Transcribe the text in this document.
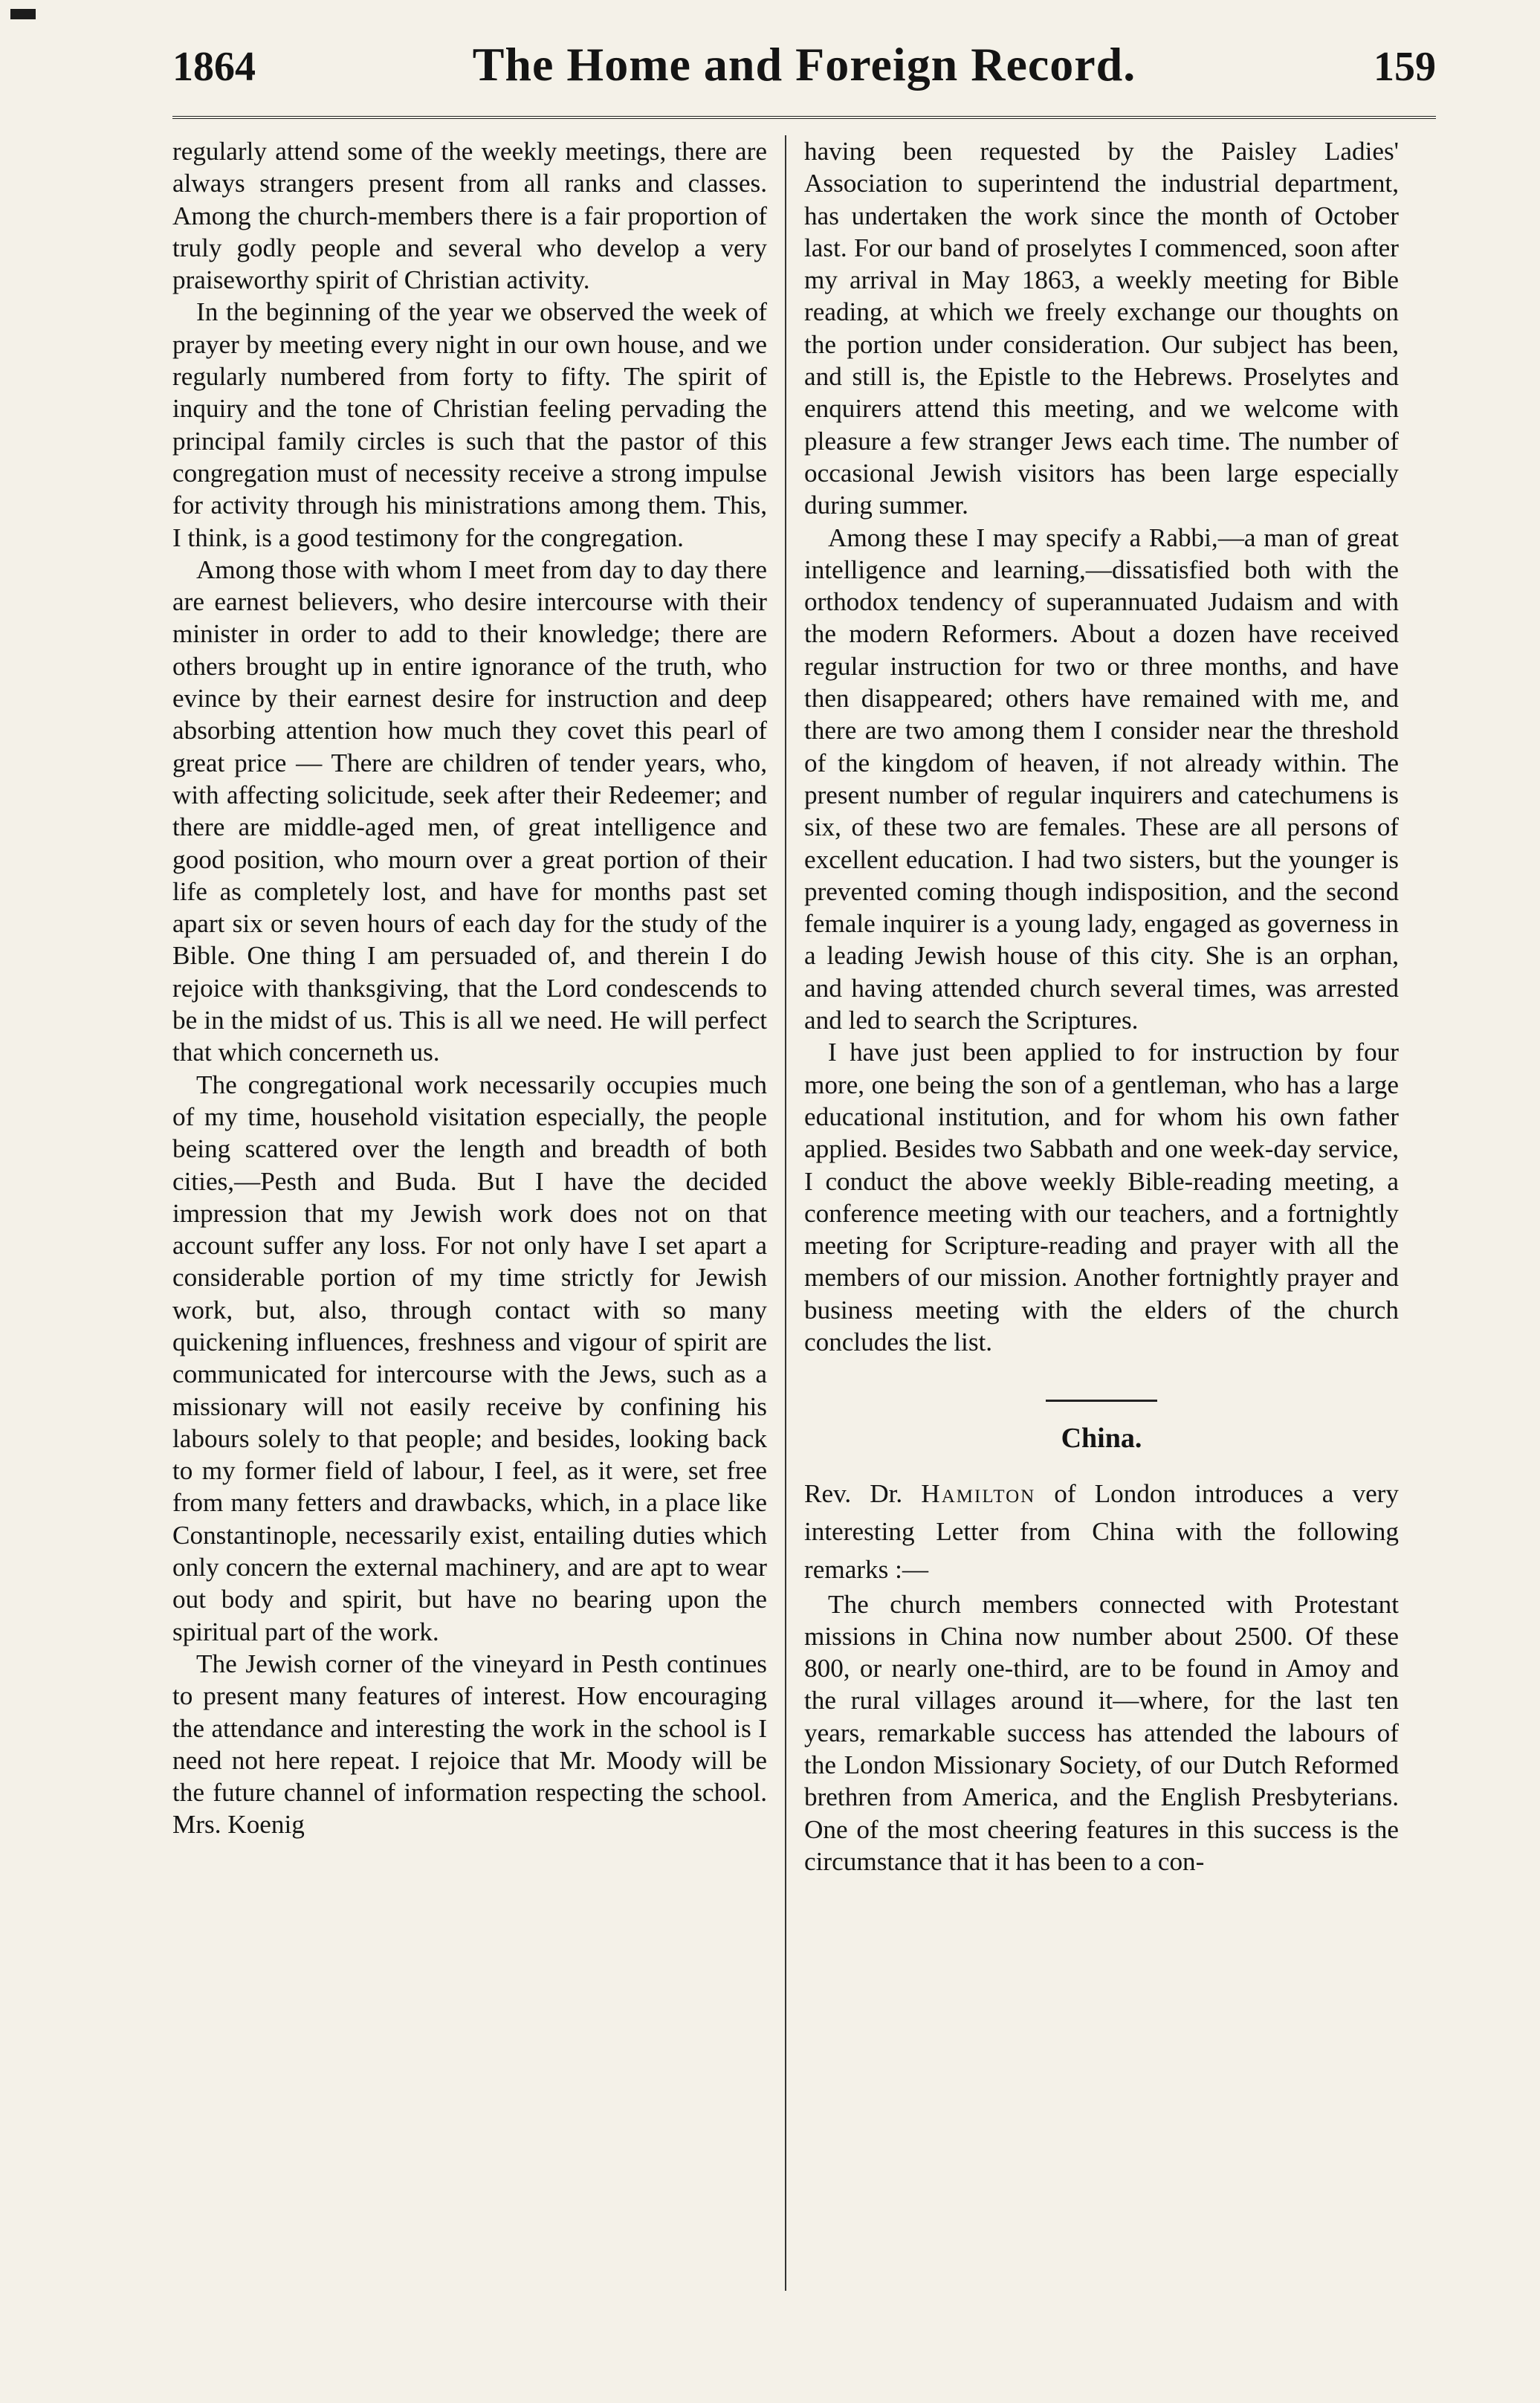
1864	The Home and Foreign Record.	159

regularly attend some of the weekly meetings, there are always strangers present from all ranks and classes. Among the church-members there is a fair proportion of truly godly people and several who develop a very praiseworthy spirit of Christian activity.

In the beginning of the year we observed the week of prayer by meeting every night in our own house, and we regularly numbered from forty to fifty. The spirit of inquiry and the tone of Christian feeling pervading the principal family circles is such that the pastor of this congregation must of necessity receive a strong impulse for activity through his ministrations among them. This, I think, is a good testimony for the congregation.

Among those with whom I meet from day to day there are earnest believers, who desire intercourse with their minister in order to add to their knowledge; there are others brought up in entire ignorance of the truth, who evince by their earnest desire for instruction and deep absorbing attention how much they covet this pearl of great price — There are children of tender years, who, with affecting solicitude, seek after their Redeemer; and there are middle-aged men, of great intelligence and good position, who mourn over a great portion of their life as completely lost, and have for months past set apart six or seven hours of each day for the study of the Bible. One thing I am persuaded of, and therein I do rejoice with thanksgiving, that the Lord condescends to be in the midst of us. This is all we need. He will perfect that which concerneth us.

The congregational work necessarily occupies much of my time, household visitation especially, the people being scattered over the length and breadth of both cities,—Pesth and Buda. But I have the decided impression that my Jewish work does not on that account suffer any loss. For not only have I set apart a considerable portion of my time strictly for Jewish work, but, also, through contact with so many quickening influences, freshness and vigour of spirit are communicated for intercourse with the Jews, such as a missionary will not easily receive by confining his labours solely to that people; and besides, looking back to my former field of labour, I feel, as it were, set free from many fetters and drawbacks, which, in a place like Constantinople, necessarily exist, entailing duties which only concern the external machinery, and are apt to wear out body and spirit, but have no bearing upon the spiritual part of the work.

The Jewish corner of the vineyard in Pesth continues to present many features of interest. How encouraging the attendance and interesting the work in the school is I need not here repeat. I rejoice that Mr. Moody will be the future channel of information respecting the school. Mrs. Koenig

having been requested by the Paisley Ladies' Association to superintend the industrial department, has undertaken the work since the month of October last. For our band of proselytes I commenced, soon after my arrival in May 1863, a weekly meeting for Bible reading, at which we freely exchange our thoughts on the portion under consideration. Our subject has been, and still is, the Epistle to the Hebrews. Proselytes and enquirers attend this meeting, and we welcome with pleasure a few stranger Jews each time. The number of occasional Jewish visitors has been large especially during summer.

Among these I may specify a Rabbi,—a man of great intelligence and learning,—dissatisfied both with the orthodox tendency of superannuated Judaism and with the modern Reformers. About a dozen have received regular instruction for two or three months, and have then disappeared; others have remained with me, and there are two among them I consider near the threshold of the kingdom of heaven, if not already within. The present number of regular inquirers and catechumens is six, of these two are females. These are all persons of excellent education. I had two sisters, but the younger is prevented coming though indisposition, and the second female inquirer is a young lady, engaged as governess in a leading Jewish house of this city. She is an orphan, and having attended church several times, was arrested and led to search the Scriptures.

I have just been applied to for instruction by four more, one being the son of a gentleman, who has a large educational institution, and for whom his own father applied. Besides two Sabbath and one week-day service, I conduct the above weekly Bible-reading meeting, a conference meeting with our teachers, and a fortnightly meeting for Scripture-reading and prayer with all the members of our mission. Another fortnightly prayer and business meeting with the elders of the church concludes the list.

China.

Rev. Dr. Hamilton of London introduces a very interesting Letter from China with the following remarks :—

The church members connected with Protestant missions in China now number about 2500. Of these 800, or nearly one-third, are to be found in Amoy and the rural villages around it—where, for the last ten years, remarkable success has attended the labours of the London Missionary Society, of our Dutch Reformed brethren from America, and the English Presbyterians. One of the most cheering features in this success is the circumstance that it has been to a con-
